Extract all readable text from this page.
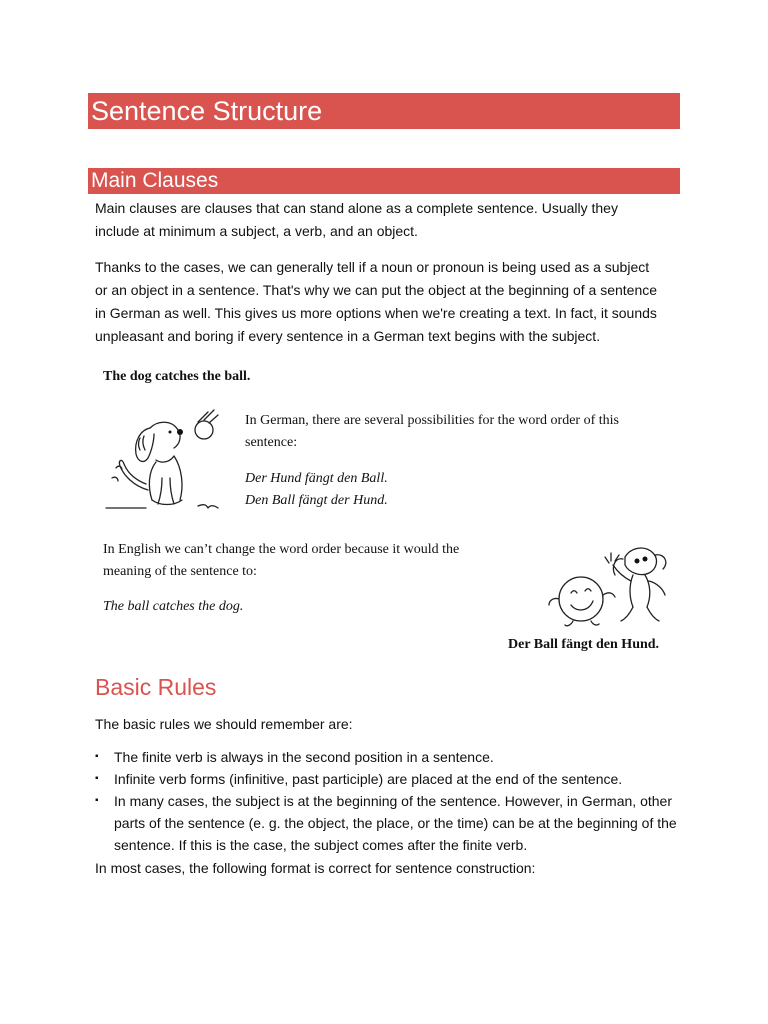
Sentence Structure
Main Clauses
Main clauses are clauses that can stand alone as a complete sentence. Usually they
include at minimum a subject, a verb, and an object.
Thanks to the cases, we can generally tell if a noun or pronoun is being used as a subject
or an object in a sentence. That's why we can put the object at the beginning of a sentence
in German as well. This gives us more options when we're creating a text. In fact, it sounds
unpleasant and boring if every sentence in a German text begins with the subject.
The dog catches the ball.
In German, there are several possibilities for the word order of this
sentence:
Der Hund fängt den Ball.
Den Ball fängt der Hund.
In English we can’t change the word order because it would the
meaning of the sentence to:
The ball catches the dog.
Der Ball fängt den Hund.
Basic Rules
The basic rules we should remember are:
▪ The finite verb is always in the second position in a sentence.
▪ Infinite verb forms (infinitive, past participle) are placed at the end of the sentence.
▪ In many cases, the subject is at the beginning of the sentence. However, in German, other parts of the sentence (e. g. the object, the place, or the time) can be at the beginning of the sentence. If this is the case, the subject comes after the finite verb.
In most cases, the following format is correct for sentence construction:
